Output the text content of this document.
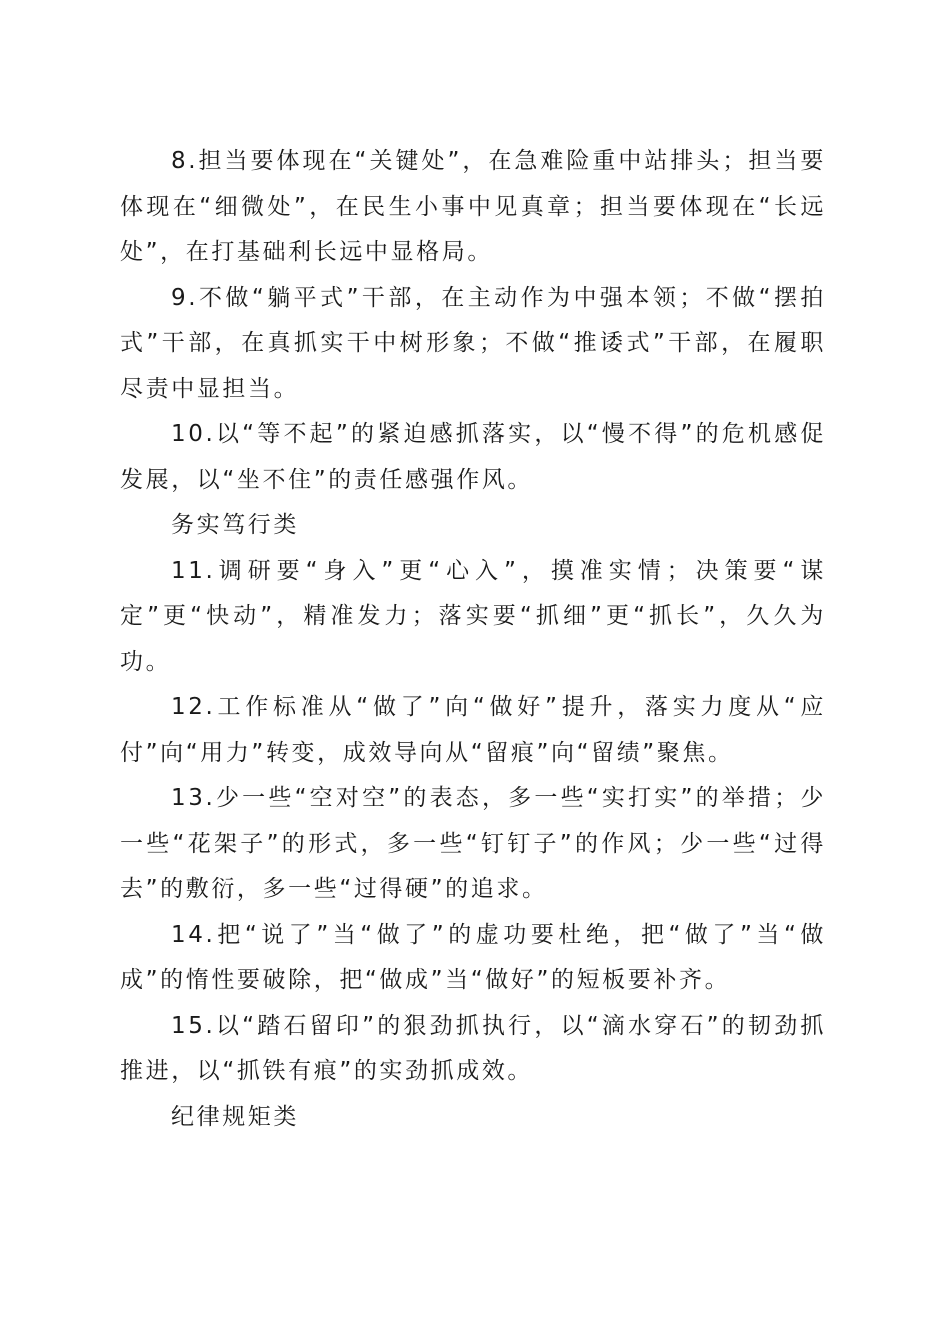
8.担当要体现在“关键处”，在急难险重中站排头；担当要体现在“细微处”，在民生小事中见真章；担当要体现在“长远处”，在打基础利长远中显格局。

9.不做“躺平式”干部，在主动作为中强本领；不做“摆拍式”干部，在真抓实干中树形象；不做“推诿式”干部，在履职尽责中显担当。

10.以“等不起”的紧迫感抓落实，以“慢不得”的危机感促发展，以“坐不住”的责任感强作风。

务实笃行类

11.调研要“身入”更“心入”，摸准实情；决策要“谋定”更“快动”，精准发力；落实要“抓细”更“抓长”，久久为功。

12.工作标准从“做了”向“做好”提升，落实力度从“应付”向“用力”转变，成效导向从“留痕”向“留绩”聚焦。

13.少一些“空对空”的表态，多一些“实打实”的举措；少一些“花架子”的形式，多一些“钉钉子”的作风；少一些“过得去”的敷衍，多一些“过得硬”的追求。

14.把“说了”当“做了”的虚功要杜绝，把“做了”当“做成”的惰性要破除，把“做成”当“做好”的短板要补齐。

15.以“踏石留印”的狠劲抓执行，以“滴水穿石”的韧劲抓推进，以“抓铁有痕”的实劲抓成效。

纪律规矩类
